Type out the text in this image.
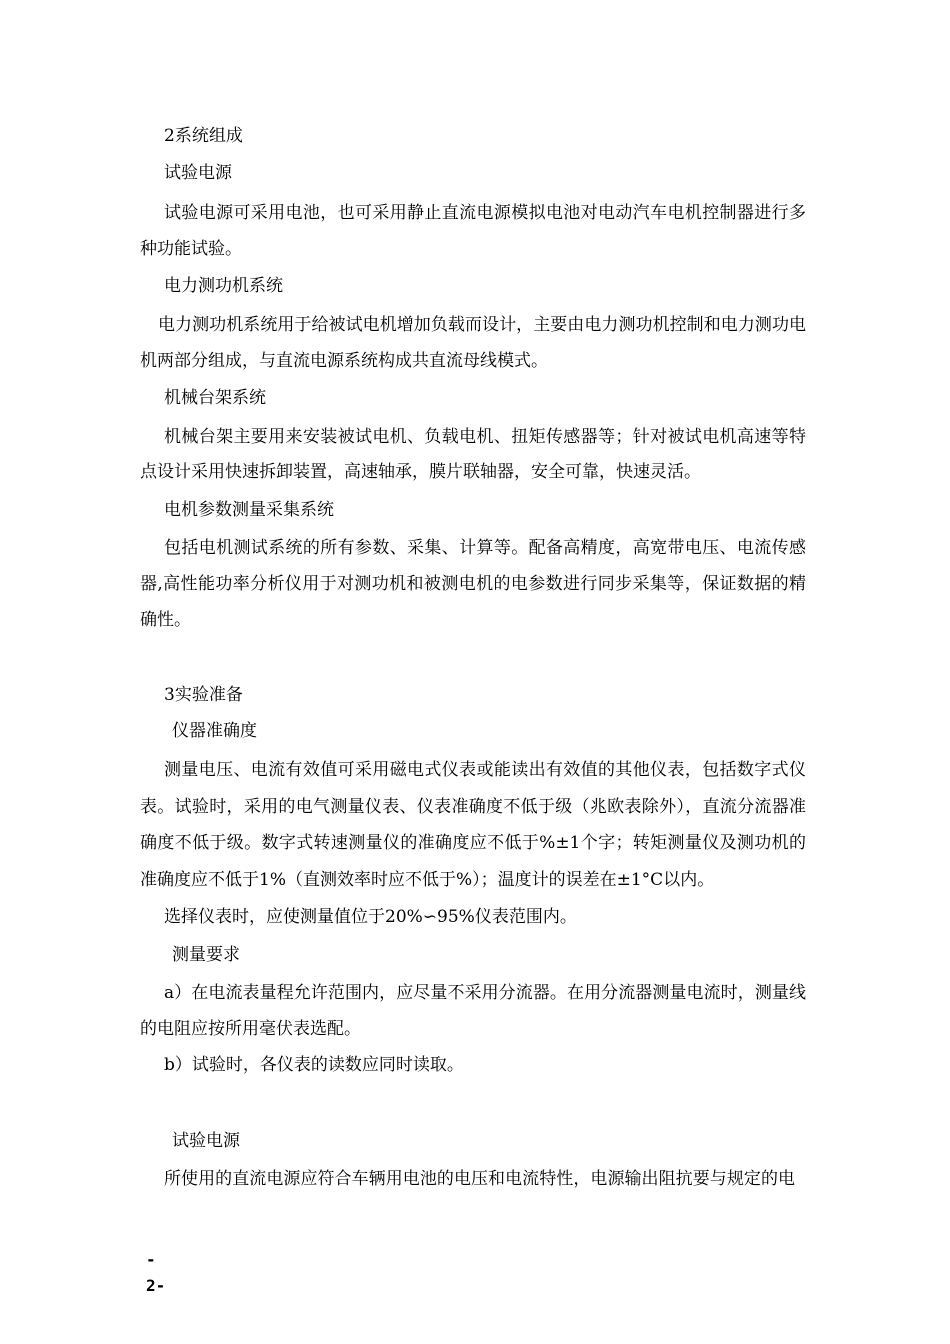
2系统组成
试验电源
试验电源可采用电池，也可采用静止直流电源模拟电池对电动汽车电机控制器进行多
种功能试验。
电力测功机系统
电力测功机系统用于给被试电机增加负载而设计，主要由电力测功机控制和电力测功电
机两部分组成，与直流电源系统构成共直流母线模式。
机械台架系统
机械台架主要用来安装被试电机、负载电机、扭矩传感器等；针对被试电机高速等特
点设计采用快速拆卸装置，高速轴承，膜片联轴器，安全可靠，快速灵活。
电机参数测量采集系统
包括电机测试系统的所有参数、采集、计算等。配备高精度，高宽带电压、电流传感
器,高性能功率分析仪用于对测功机和被测电机的电参数进行同步采集等，保证数据的精
确性。
3实验准备
仪器准确度
测量电压、电流有效值可采用磁电式仪表或能读出有效值的其他仪表，包括数字式仪
表。试验时，采用的电气测量仪表、仪表准确度不低于级（兆欧表除外），直流分流器准
确度不低于级。数字式转速测量仪的准确度应不低于%±1个字；转矩测量仪及测功机的
准确度应不低于1%（直测效率时应不低于%）；温度计的误差在±1°C以内。
选择仪表时，应使测量值位于20%∽95%仪表范围内。
测量要求
a）在电流表量程允许范围内，应尽量不采用分流器。在用分流器测量电流时，测量线
的电阻应按所用毫伏表选配。
b）试验时，各仪表的读数应同时读取。
试验电源
所使用的直流电源应符合车辆用电池的电压和电流特性，电源输出阻抗要与规定的电
-
2-
